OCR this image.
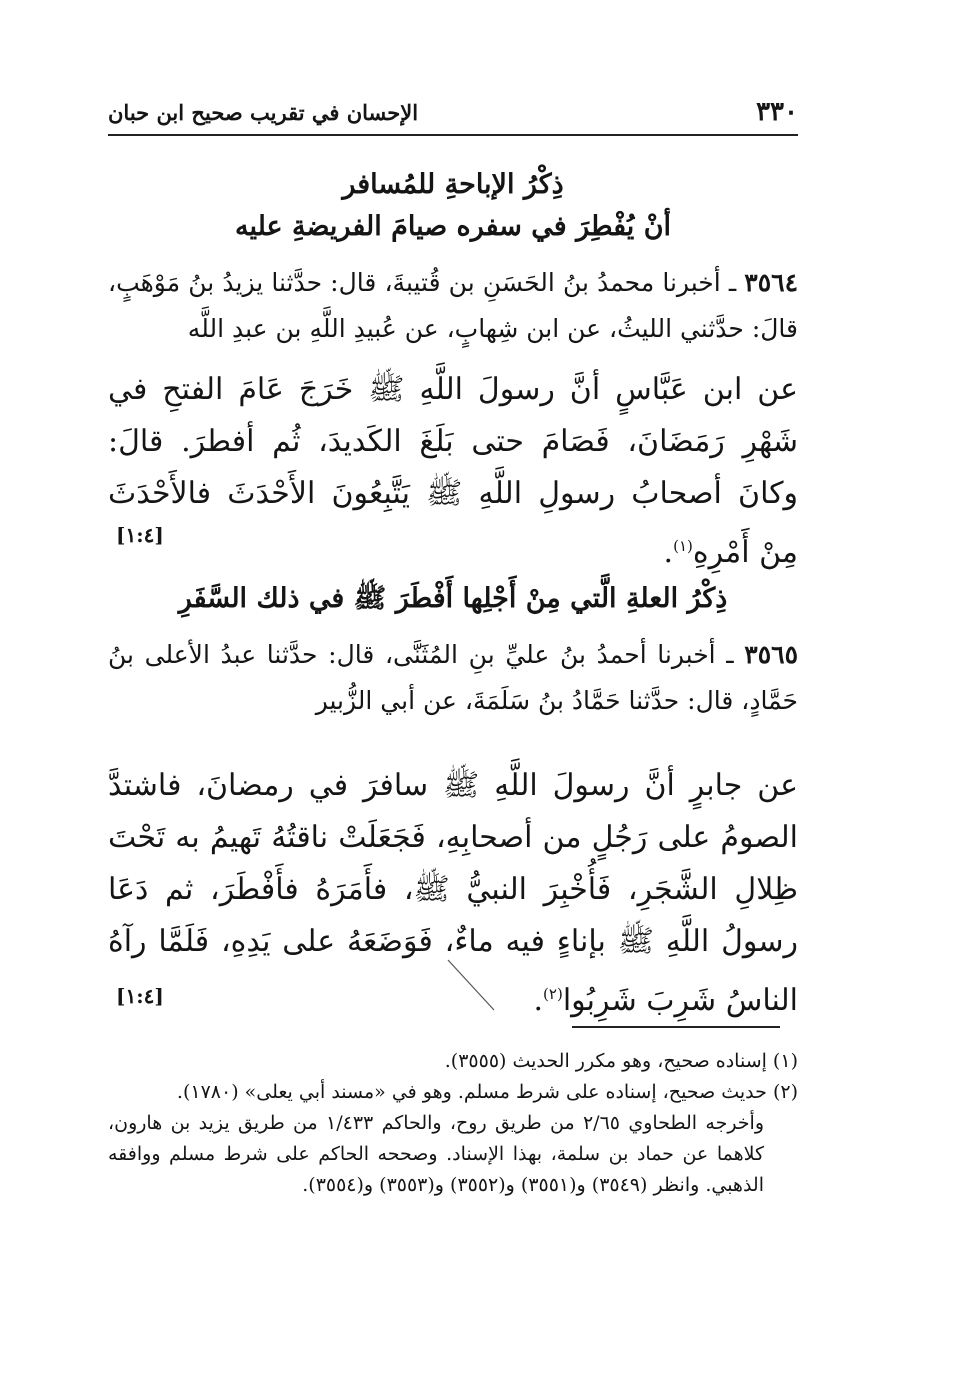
٣٣٠
الإحسان في تقريب صحيح ابن حبان
ذِكْرُ الإباحةِ للمُسافر
أنْ يُفْطِرَ في سفره صيامَ الفريضةِ عليه
٣٥٦٤ ـ أخبرنا محمدُ بنُ الحَسَنِ بن قُتيبةَ، قال: حدَّثنا يزيدُ بنُ مَوْهَبٍ، قالَ: حدَّثني الليثُ، عن ابن شِهابٍ، عن عُبيدِ اللَّهِ بن عبدِ اللَّه
عن ابن عَبَّاسٍ أنَّ رسولَ اللَّهِ ﷺ خَرَجَ عَامَ الفتحِ في شَهْرِ رَمَضَانَ، فَصَامَ حتى بَلَغَ الكَديدَ، ثُم أفطرَ. قالَ: وكانَ أصحابُ رسولِ اللَّهِ ﷺ يَتَّبِعُونَ الأَحْدَثَ فالأَحْدَثَ مِنْ أَمْرِهِ$^{(١)}$.
[١:٤]
ذِكْرُ العلةِ الَّتي مِنْ أَجْلِها أَفْطَرَ ﷺ في ذلك السَّفَرِ
٣٥٦٥ ـ أخبرنا أحمدُ بنُ عليِّ بنِ المُثَنَّى، قال: حدَّثنا عبدُ الأعلى بنُ حَمَّادٍ، قال: حدَّثنا حَمَّادُ بنُ سَلَمَةَ، عن أبي الزُّبير
عن جابرٍ أنَّ رسولَ اللَّهِ ﷺ سافرَ في رمضانَ، فاشتدَّ الصومُ على رَجُلٍ من أصحابِهِ، فَجَعَلَتْ ناقتُهُ تَهيمُ به تَحْتَ ظِلالِ الشَّجَرِ، فَأُخْبِرَ النبيُّ ﷺ، فأَمَرَهُ فأَفْطَرَ، ثم دَعَا رسولُ اللَّهِ ﷺ بإناءٍ فيه ماءٌ، فَوَضَعَهُ على يَدِهِ، فَلَمَّا رآهُ الناسُ شَرِبَ شَرِبُوا$^{(٢)}$.
[١:٤]

(١) إسناده صحيح، وهو مكرر الحديث (٣٥٥٥).

(٢) حديث صحيح، إسناده على شرط مسلم. وهو في «مسند أبي يعلى» (١٧٨٠).

وأخرجه الطحاوي ٢/٦٥ من طريق روح، والحاكم ١/٤٣٣ من طريق يزيد بن هارون، كلاهما عن حماد بن سلمة، بهذا الإسناد. وصححه الحاكم على شرط مسلم ووافقه الذهبي. وانظر (٣٥٤٩) و(٣٥٥١) و(٣٥٥٢) و(٣٥٥٣) و(٣٥٥٤).
